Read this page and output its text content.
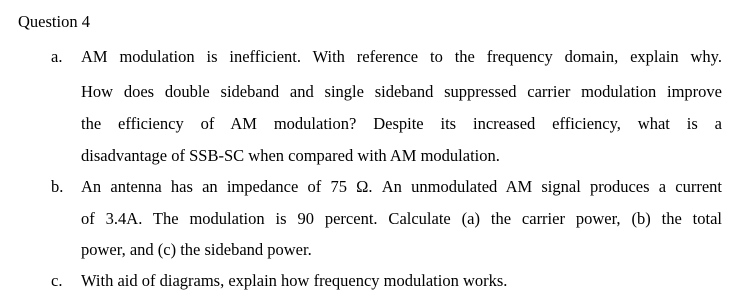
Question 4
a. AM modulation is inefficient. With reference to the frequency domain, explain why.
How does double sideband and single sideband suppressed carrier modulation improve
the efficiency of AM modulation? Despite its increased efficiency, what is a
disadvantage of SSB-SC when compared with AM modulation.
b. An antenna has an impedance of 75 Ω. An unmodulated AM signal produces a current
of 3.4A. The modulation is 90 percent. Calculate (a) the carrier power, (b) the total
power, and (c) the sideband power.
c. With aid of diagrams, explain how frequency modulation works.
